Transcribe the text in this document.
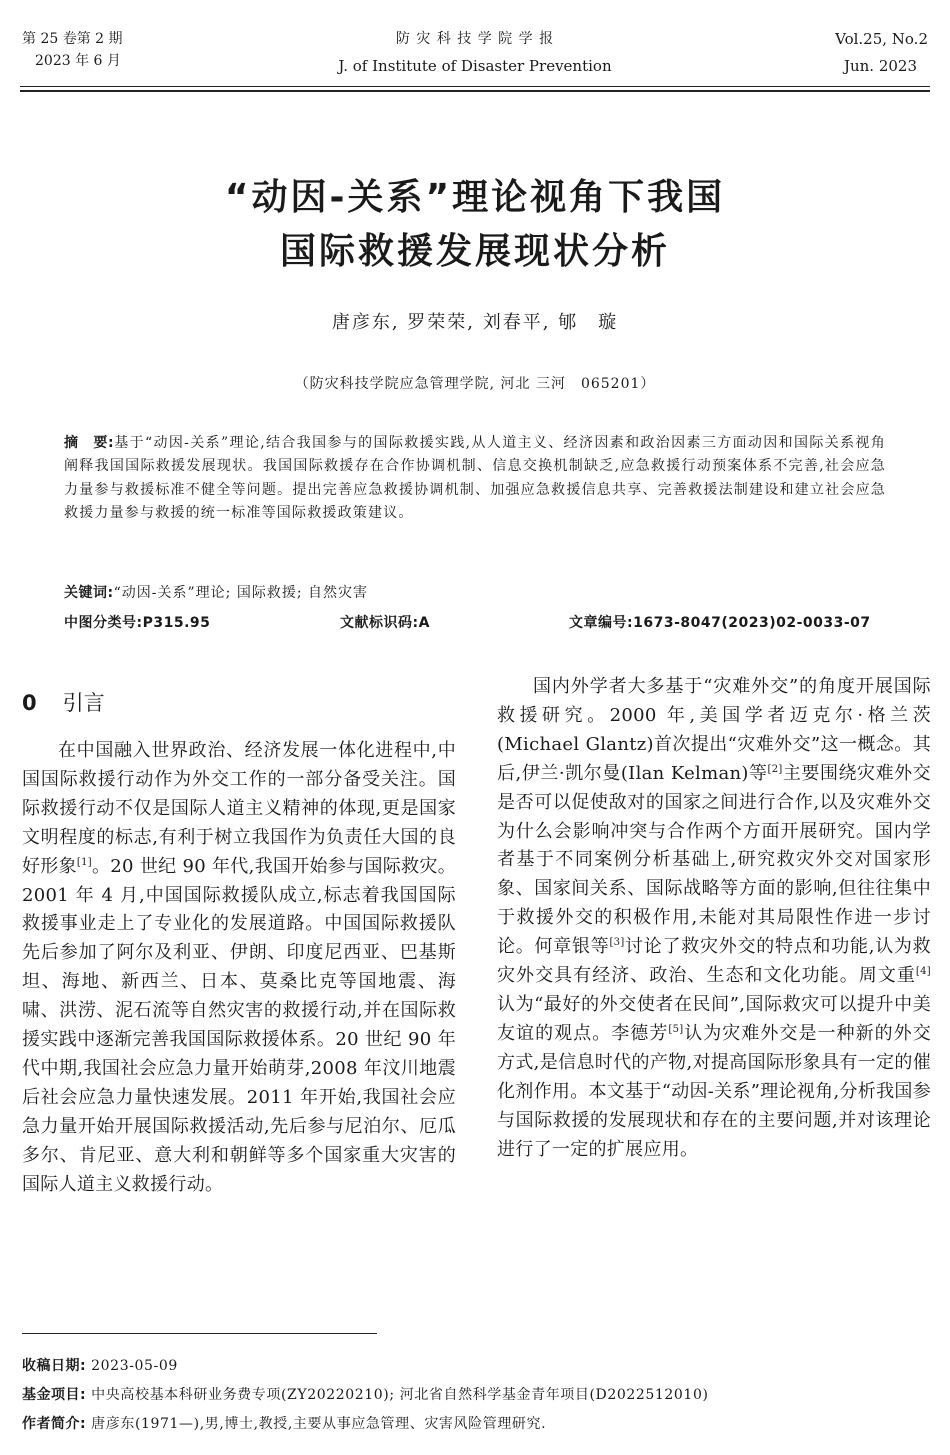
第 25 卷第 2 期
2023 年 6 月
防 灾 科 技 学 院 学 报
J. of Institute of Disaster Prevention
Vol.25, No.2
Jun. 2023
“动因-关系”理论视角下我国
国际救援发展现状分析
唐彦东, 罗荣荣, 刘春平, 郇　璇
（防灾科技学院应急管理学院, 河北 三河　065201）
摘　要:基于“动因-关系”理论,结合我国参与的国际救援实践,从人道主义、经济因素和政治因素三方面动因和国际关系视角阐释我国国际救援发展现状。我国国际救援存在合作协调机制、信息交换机制缺乏,应急救援行动预案体系不完善,社会应急力量参与救援标准不健全等问题。提出完善应急救援协调机制、加强应急救援信息共享、完善救援法制建设和建立社会应急救援力量参与救援的统一标准等国际救援政策建议。
关键词:“动因-关系”理论; 国际救援; 自然灾害
中图分类号:P315.95	文献标识码:A	文章编号:1673-8047(2023)02-0033-07
0 引言

在中国融入世界政治、经济发展一体化进程中,中国国际救援行动作为外交工作的一部分备受关注。国际救援行动不仅是国际人道主义精神的体现,更是国家文明程度的标志,有利于树立我国作为负责任大国的良好形象[1]。20 世纪 90 年代,我国开始参与国际救灾。2001 年 4 月,中国国际救援队成立,标志着我国国际救援事业走上了专业化的发展道路。中国国际救援队先后参加了阿尔及利亚、伊朗、印度尼西亚、巴基斯坦、海地、新西兰、日本、莫桑比克等国地震、海啸、洪涝、泥石流等自然灾害的救援行动,并在国际救援实践中逐渐完善我国国际救援体系。20 世纪 90 年代中期,我国社会应急力量开始萌芽,2008 年汶川地震后社会应急力量快速发展。2011 年开始,我国社会应急力量开始开展国际救援活动,先后参与尼泊尔、厄瓜多尔、肯尼亚、意大利和朝鲜等多个国家重大灾害的国际人道主义救援行动。

国内外学者大多基于“灾难外交”的角度开展国际救援研究。2000 年,美国学者迈克尔·格兰茨(Michael Glantz)首次提出“灾难外交”这一概念。其后,伊兰·凯尔曼(Ilan Kelman)等[2]主要围绕灾难外交是否可以促使敌对的国家之间进行合作,以及灾难外交为什么会影响冲突与合作两个方面开展研究。国内学者基于不同案例分析基础上,研究救灾外交对国家形象、国家间关系、国际战略等方面的影响,但往往集中于救援外交的积极作用,未能对其局限性作进一步讨论。何章银等[3]讨论了救灾外交的特点和功能,认为救灾外交具有经济、政治、生态和文化功能。周文重[4]认为“最好的外交使者在民间”,国际救灾可以提升中美友谊的观点。李德芳[5]认为灾难外交是一种新的外交方式,是信息时代的产物,对提高国际形象具有一定的催化剂作用。本文基于“动因-关系”理论视角,分析我国参与国际救援的发展现状和存在的主要问题,并对该理论进行了一定的扩展应用。

收稿日期: 2023-05-09
基金项目: 中央高校基本科研业务费专项(ZY20220210); 河北省自然科学基金青年项目(D2022512010)
作者简介: 唐彦东(1971—),男,博士,教授,主要从事应急管理、灾害风险管理研究.
